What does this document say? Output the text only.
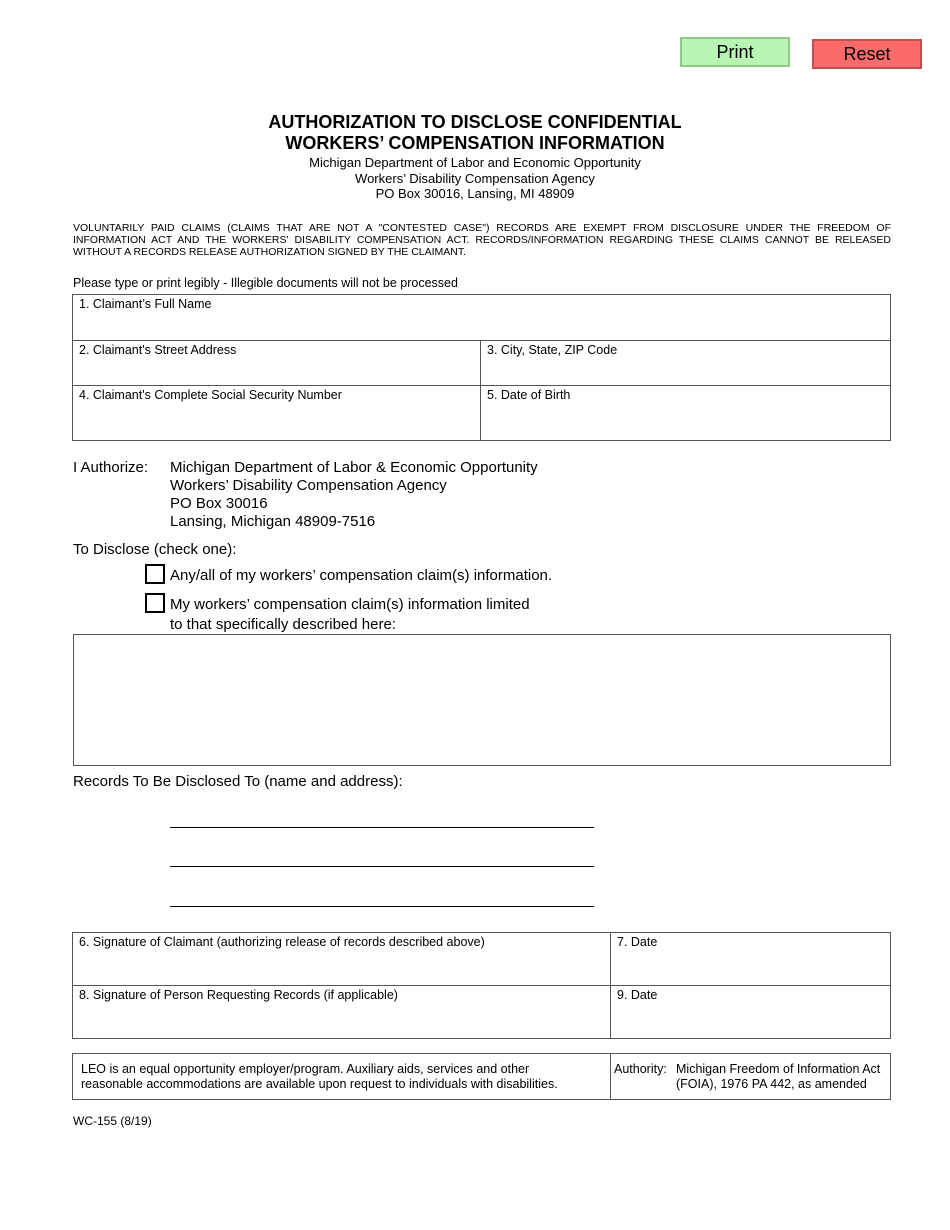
Print	Reset
AUTHORIZATION TO DISCLOSE CONFIDENTIAL
WORKERS’ COMPENSATION INFORMATION
Michigan Department of Labor and Economic Opportunity
Workers’ Disability Compensation Agency
PO Box 30016, Lansing, MI 48909
VOLUNTARILY PAID CLAIMS (CLAIMS THAT ARE NOT A "CONTESTED CASE") RECORDS ARE EXEMPT FROM DISCLOSURE UNDER THE FREEDOM OF INFORMATION ACT AND THE WORKERS' DISABILITY COMPENSATION ACT. RECORDS/INFORMATION REGARDING THESE CLAIMS CANNOT BE RELEASED WITHOUT A RECORDS RELEASE AUTHORIZATION SIGNED BY THE CLAIMANT.
Please type or print legibly - Illegible documents will not be processed
1. Claimant’s Full Name
2. Claimant's Street Address	3. City, State, ZIP Code
4. Claimant's Complete Social Security Number	5. Date of Birth
I Authorize: Michigan Department of Labor & Economic Opportunity
Workers’ Disability Compensation Agency
PO Box 30016
Lansing, Michigan 48909-7516
To Disclose (check one):
Any/all of my workers’ compensation claim(s) information.
My workers’ compensation claim(s) information limited
to that specifically described here:
Records To Be Disclosed To (name and address):
6. Signature of Claimant (authorizing release of records described above)	7. Date
8. Signature of Person Requesting Records (if applicable)	9. Date
LEO is an equal opportunity employer/program. Auxiliary aids, services and other
reasonable accommodations are available upon request to individuals with disabilities.
Authority: Michigan Freedom of Information Act
(FOIA), 1976 PA 442, as amended
WC-155 (8/19)
